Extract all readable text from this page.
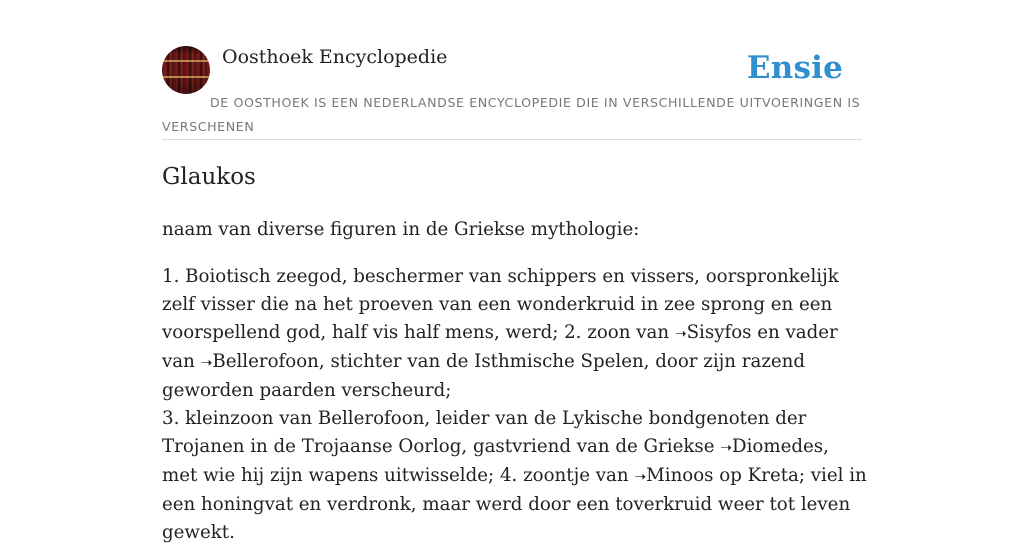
Oosthoek Encyclopedie	Ensie
DE OOSTHOEK IS EEN NEDERLANDSE ENCYCLOPEDIE DIE IN VERSCHILLENDE UITVOERINGEN IS VERSCHENEN
Glaukos

naam van diverse figuren in de Griekse mythologie:

1. Boiotisch zeegod, beschermer van schippers en vissers, oorspronkelijk zelf visser die na het proeven van een wonderkruid in zee sprong en een voorspellend god, half vis half mens, werd; 2. zoon van ➝Sisyfos en vader van ➝Bellerofoon, stichter van de Isthmische Spelen, door zijn razend geworden paarden verscheurd;
3. kleinzoon van Bellerofoon, leider van de Lykische bondgenoten der Trojanen in de Trojaanse Oorlog, gastvriend van de Griekse ➝Diomedes, met wie hij zijn wapens uitwisselde; 4. zoontje van ➝Minoos op Kreta; viel in een honingvat en verdronk, maar werd door een toverkruid weer tot leven gewekt.
